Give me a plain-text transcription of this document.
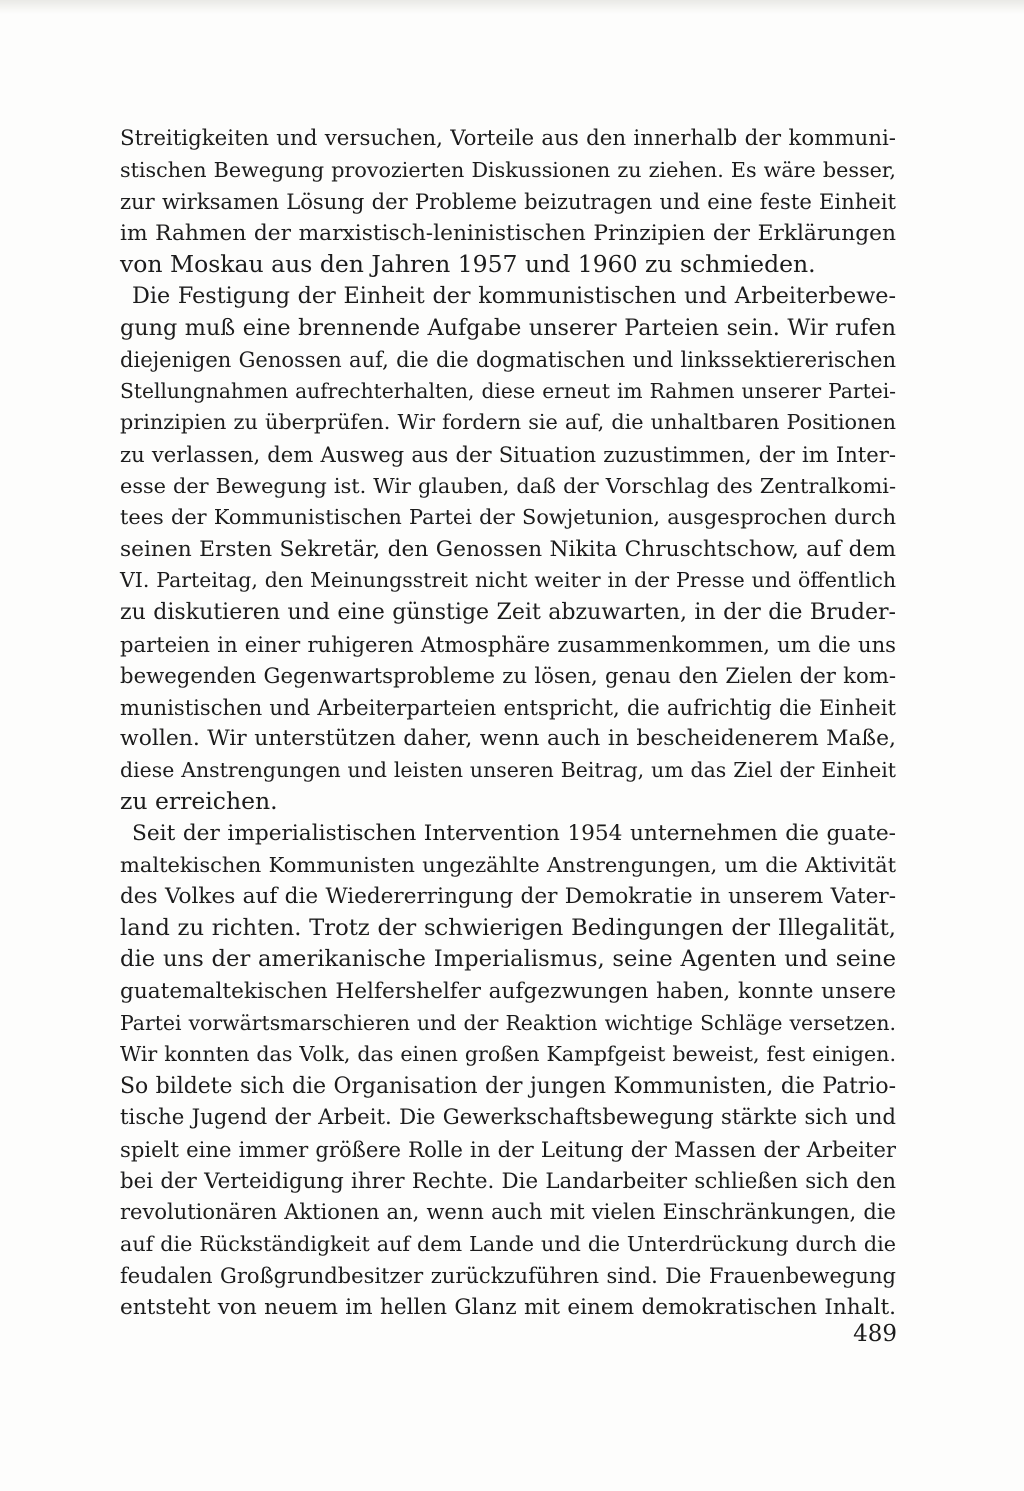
Streitigkeiten und versuchen, Vorteile aus den innerhalb der kommuni-
stischen Bewegung provozierten Diskussionen zu ziehen. Es wäre besser,
zur wirksamen Lösung der Probleme beizutragen und eine feste Einheit
im Rahmen der marxistisch-leninistischen Prinzipien der Erklärungen
von Moskau aus den Jahren 1957 und 1960 zu schmieden.
Die Festigung der Einheit der kommunistischen und Arbeiterbewe-
gung muß eine brennende Aufgabe unserer Parteien sein. Wir rufen
diejenigen Genossen auf, die die dogmatischen und linkssektiererischen
Stellungnahmen aufrechterhalten, diese erneut im Rahmen unserer Partei-
prinzipien zu überprüfen. Wir fordern sie auf, die unhaltbaren Positionen
zu verlassen, dem Ausweg aus der Situation zuzustimmen, der im Inter-
esse der Bewegung ist. Wir glauben, daß der Vorschlag des Zentralkomi-
tees der Kommunistischen Partei der Sowjetunion, ausgesprochen durch
seinen Ersten Sekretär, den Genossen Nikita Chruschtschow, auf dem
VI. Parteitag, den Meinungsstreit nicht weiter in der Presse und öffentlich
zu diskutieren und eine günstige Zeit abzuwarten, in der die Bruder-
parteien in einer ruhigeren Atmosphäre zusammenkommen, um die uns
bewegenden Gegenwartsprobleme zu lösen, genau den Zielen der kom-
munistischen und Arbeiterparteien entspricht, die aufrichtig die Einheit
wollen. Wir unterstützen daher, wenn auch in bescheidenerem Maße,
diese Anstrengungen und leisten unseren Beitrag, um das Ziel der Einheit
zu erreichen.
Seit der imperialistischen Intervention 1954 unternehmen die guate-
maltekischen Kommunisten ungezählte Anstrengungen, um die Aktivität
des Volkes auf die Wiedererringung der Demokratie in unserem Vater-
land zu richten. Trotz der schwierigen Bedingungen der Illegalität,
die uns der amerikanische Imperialismus, seine Agenten und seine
guatemaltekischen Helfershelfer aufgezwungen haben, konnte unsere
Partei vorwärtsmarschieren und der Reaktion wichtige Schläge versetzen.
Wir konnten das Volk, das einen großen Kampfgeist beweist, fest einigen.
So bildete sich die Organisation der jungen Kommunisten, die Patrio-
tische Jugend der Arbeit. Die Gewerkschaftsbewegung stärkte sich und
spielt eine immer größere Rolle in der Leitung der Massen der Arbeiter
bei der Verteidigung ihrer Rechte. Die Landarbeiter schließen sich den
revolutionären Aktionen an, wenn auch mit vielen Einschränkungen, die
auf die Rückständigkeit auf dem Lande und die Unterdrückung durch die
feudalen Großgrundbesitzer zurückzuführen sind. Die Frauenbewegung
entsteht von neuem im hellen Glanz mit einem demokratischen Inhalt.
489
